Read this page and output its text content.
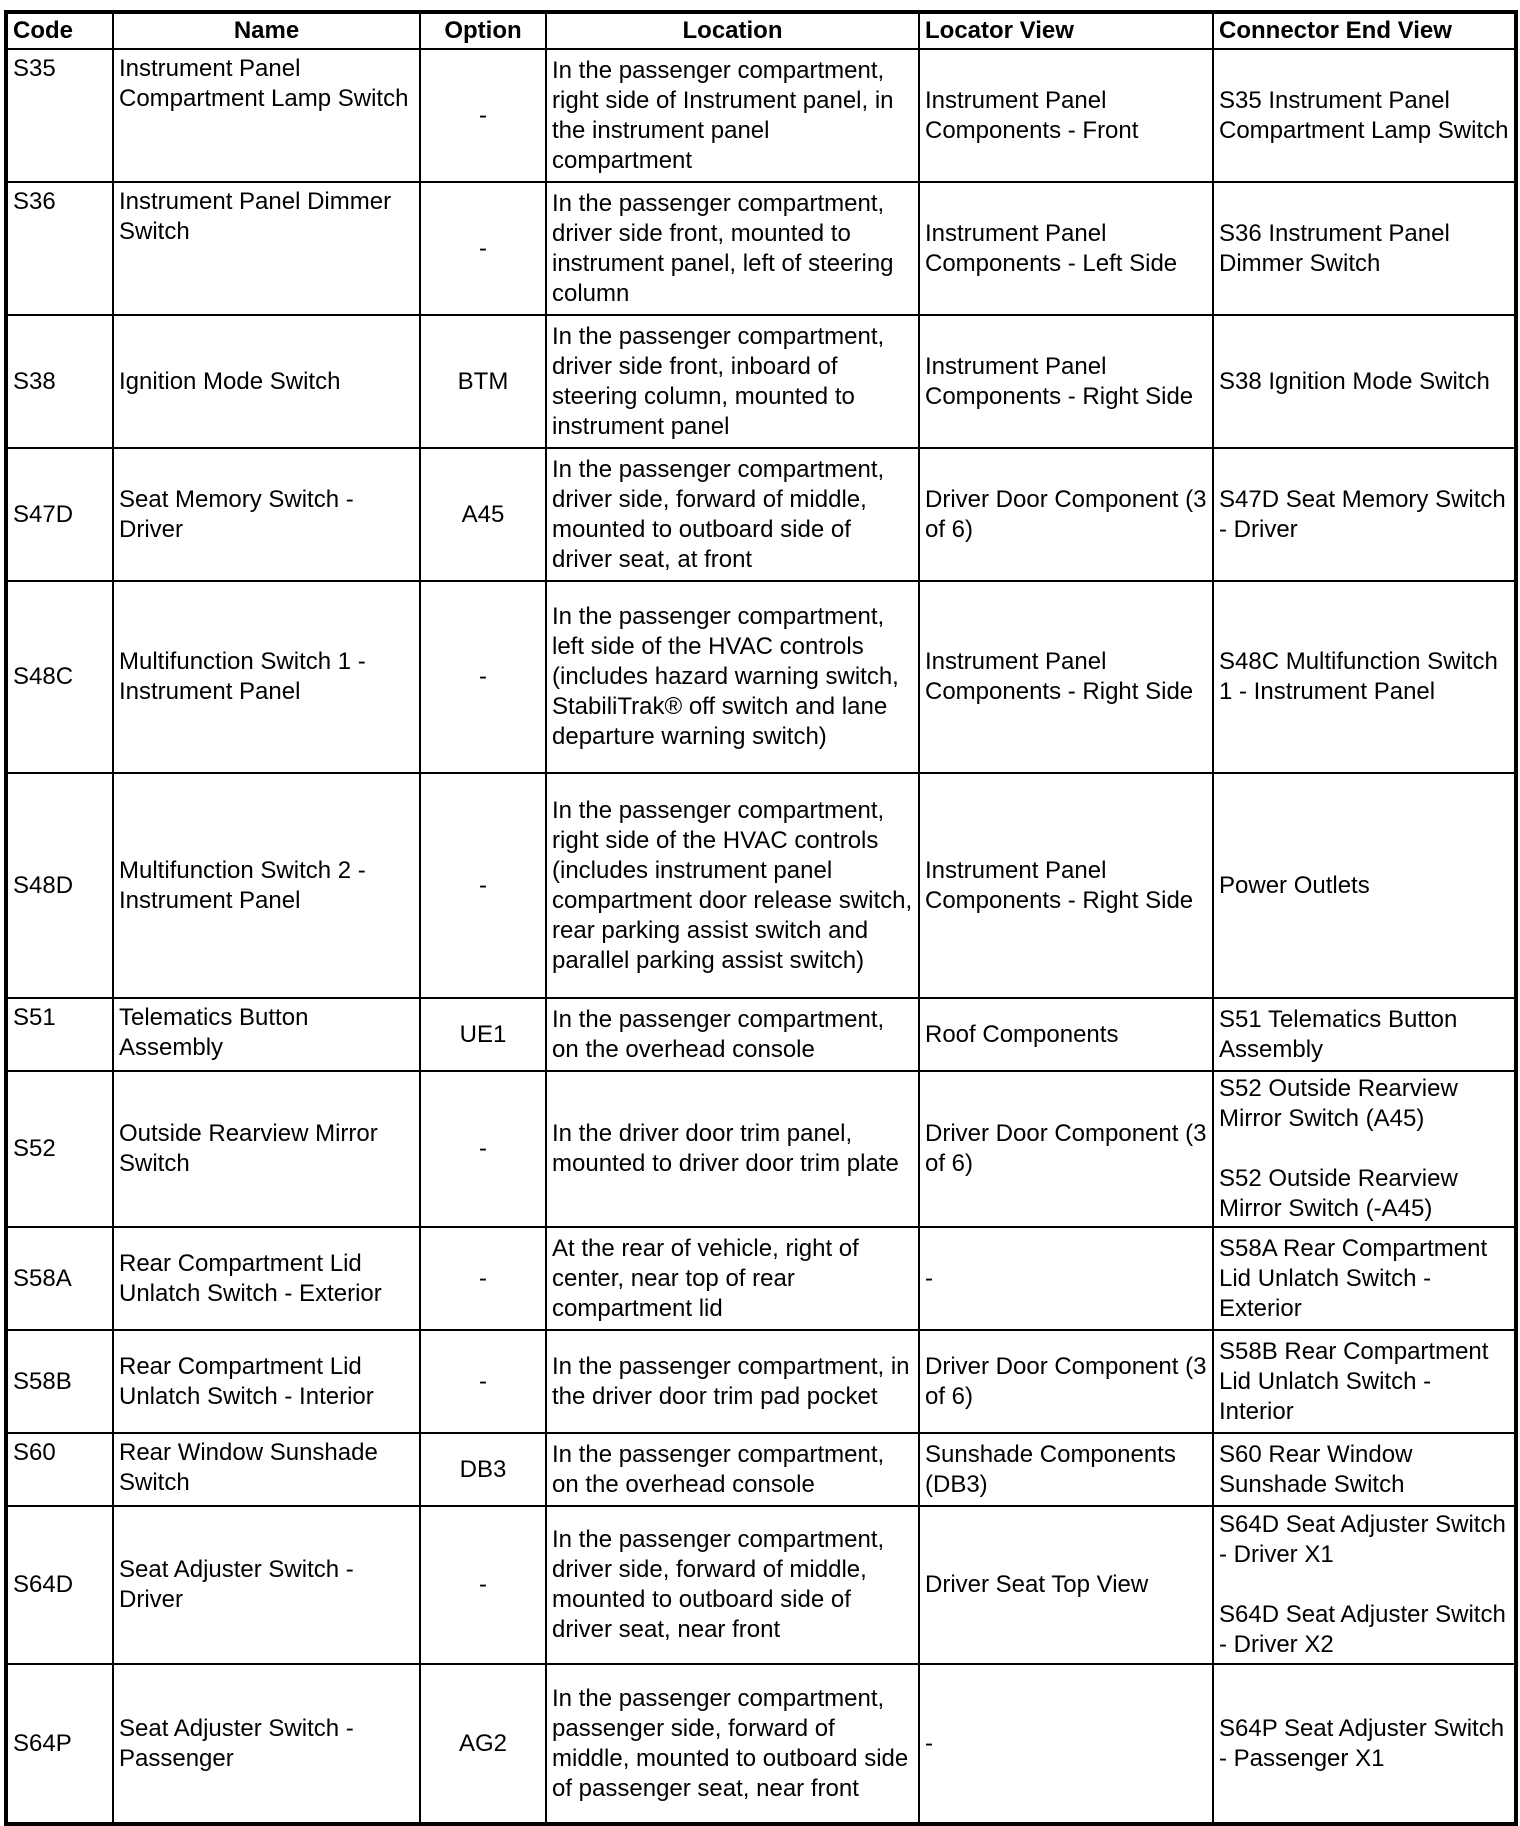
Code	Name	Option	Location	Locator View	Connector End View
S35	Instrument Panel Compartment Lamp Switch	-	In the passenger compartment, right side of Instrument panel, in the instrument panel compartment	Instrument Panel Components - Front	S35 Instrument Panel Compartment Lamp Switch

S36	Instrument Panel Dimmer Switch	-	In the passenger compartment, driver side front, mounted to instrument panel, left of steering column	Instrument Panel Components - Left Side	S36 Instrument Panel Dimmer Switch

S38	Ignition Mode Switch	BTM	In the passenger compartment, driver side front, inboard of steering column, mounted to instrument panel	Instrument Panel Components - Right Side	S38 Ignition Mode Switch

S47D	Seat Memory Switch - Driver	A45	In the passenger compartment, driver side, forward of middle, mounted to outboard side of driver seat, at front	Driver Door Component (3 of 6)	S47D Seat Memory Switch - Driver

S48C	Multifunction Switch 1 - Instrument Panel	-	In the passenger compartment, left side of the HVAC controls (includes hazard warning switch, StabiliTrak® off switch and lane departure warning switch)	Instrument Panel Components - Right Side	S48C Multifunction Switch 1 - Instrument Panel

S48D	Multifunction Switch 2 - Instrument Panel	-	In the passenger compartment, right side of the HVAC controls (includes instrument panel compartment door release switch, rear parking assist switch and parallel parking assist switch)	Instrument Panel Components - Right Side	Power Outlets

S51	Telematics Button Assembly	UE1	In the passenger compartment, on the overhead console	Roof Components	S51 Telematics Button Assembly

S52	Outside Rearview Mirror Switch	-	In the driver door trim panel, mounted to driver door trim plate	Driver Door Component (3 of 6)	S52 Outside Rearview Mirror Switch (A45)
S52 Outside Rearview Mirror Switch (-A45)

S58A	Rear Compartment Lid Unlatch Switch - Exterior	-	At the rear of vehicle, right of center, near top of rear compartment lid	-	S58A Rear Compartment Lid Unlatch Switch - Exterior

S58B	Rear Compartment Lid Unlatch Switch - Interior	-	In the passenger compartment, in the driver door trim pad pocket	Driver Door Component (3 of 6)	S58B Rear Compartment Lid Unlatch Switch - Interior

S60	Rear Window Sunshade Switch	DB3	In the passenger compartment, on the overhead console	Sunshade Components (DB3)	S60 Rear Window Sunshade Switch

S64D	Seat Adjuster Switch - Driver	-	In the passenger compartment, driver side, forward of middle, mounted to outboard side of driver seat, near front	Driver Seat Top View	S64D Seat Adjuster Switch - Driver X1
S64D Seat Adjuster Switch - Driver X2

S64P	Seat Adjuster Switch - Passenger	AG2	In the passenger compartment, passenger side, forward of middle, mounted to outboard side of passenger seat, near front	-	S64P Seat Adjuster Switch - Passenger X1
